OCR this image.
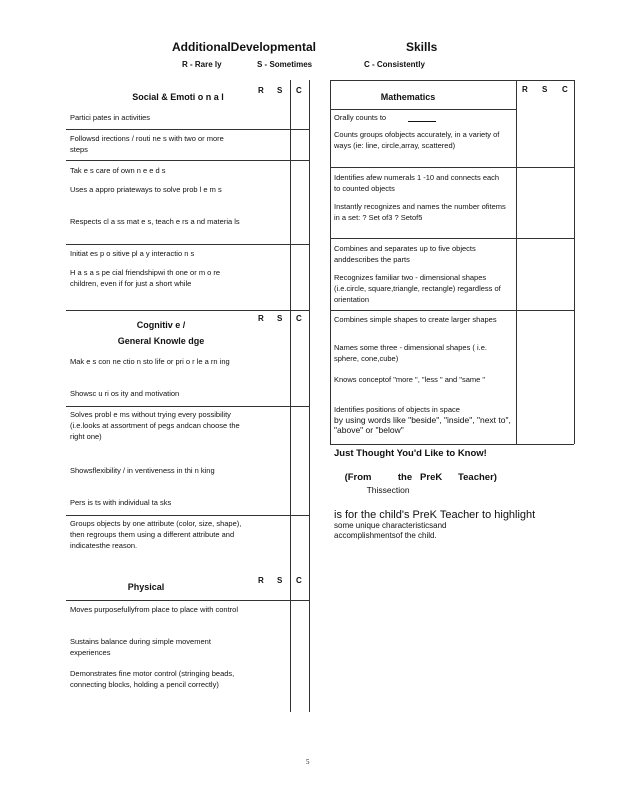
AdditionalDevelopmental	Skills
R - Rare ly	S - Sometimes	C - Consistently
Social & Emoti o n a l
R S C
Partici pates in activities
Followsd irections / routi ne s with two or more steps
Tak e s care of own n e e d s
Uses a appro priateways to solve prob l e m s
Respects cl a ss mat e s, teach e rs a nd materia ls
Initiat es p o sitive pl a y interactio n s
H a s a s pe cial friendshipwi th one or m o re children, even if for just a short while
Cognitiv e /
General Knowle dge
R S C
Mak e s con ne ctio n sto life or pri o r le a rn ing
Showsc u ri os ity and motivation
Solves probl e ms without trying every possibility (i.e.looks at assortment of pegs andcan choose the right one)
Showsflexibility / in ventiveness in thi n king
Pers is ts with individual ta sks
Groups objects by one attribute (color, size, shape), then regroups them using a different attribute and indicatesthe reason.
Physical
R S C
Moves purposefullyfrom place to place with control
Sustains balance during simple movement experiences
Demonstrates fine motor control (stringing beads, connecting blocks, holding a pencil correctly)
Mathematics
R S C
Orally counts to
Counts groups ofobjects accurately, in a variety of ways (ie: line, circle,array, scattered)
Identifies afew numerals 1 -10 and connects each to counted objects
Instantly recognizes and names the number ofitems in a set: ? Set of3 ? Setof5
Combines and separates up to five objects anddescribes the parts
Recognizes familiar two - dimensional shapes (i.e.circle, square,triangle, rectangle) regardless of orientation
Combines simple shapes to create larger shapes
Names some three - dimensional shapes ( i.e. sphere, cone,cube)
Knows conceptof "more ", "less " and "same "
Identifies positions of objects in space
by using words like "beside", "inside", "next to", "above" or "below"
Just Thought You'd Like to Know!

(From          the   PreK      Teacher)
Thissection

is for the child's PreK Teacher to highlight
some unique characteristicsand
accomplishmentsof the child.
5
